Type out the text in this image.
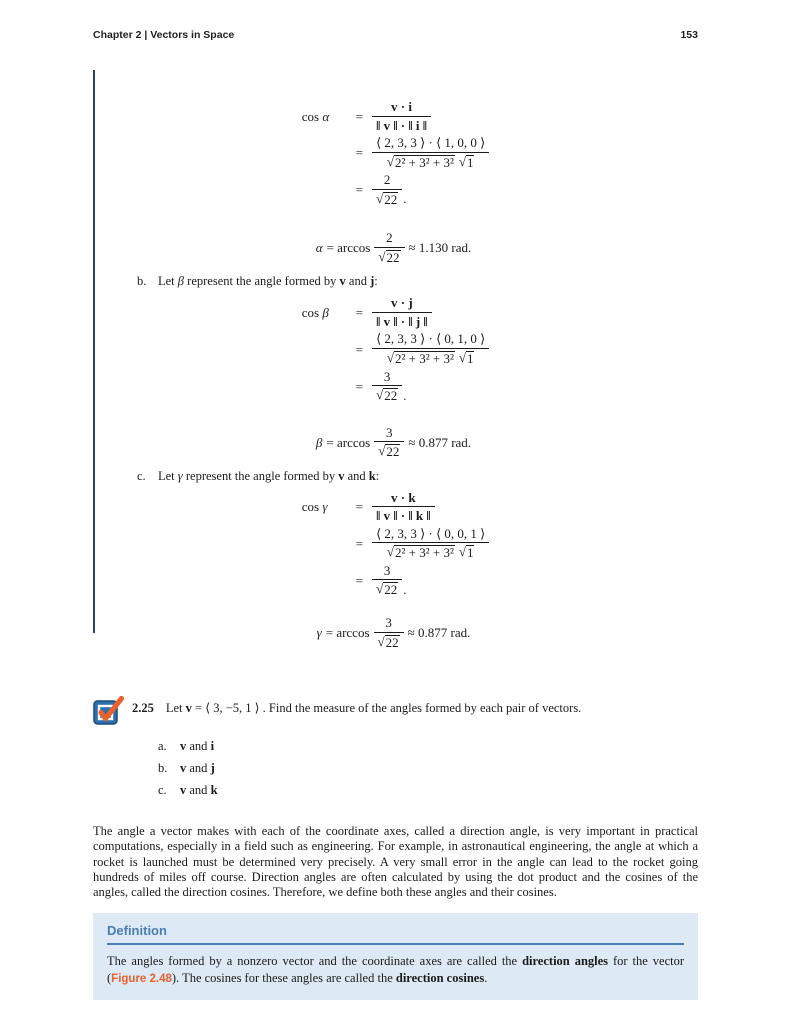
Chapter 2 | Vectors in Space	153
cos α	= $\frac{v \cdot i}{‖ v ‖ \cdot ‖ i ‖}$
= $\frac{⟨ 2, 3, 3 ⟩ \cdot ⟨ 1, 0, 0 ⟩}{\text{√ 2² + 3² + 3² √ 1}}$
= $\frac{2}{√ 22}$ .
$\alpha = \arccos \frac{2}{√ 22} \approx 1.130$ rad.
b. Let β represent the angle formed by v and j:
cos β	= $\frac{v \cdot j}{‖ v ‖ \cdot ‖ j ‖}$
= $\frac{⟨ 2, 3, 3 ⟩ \cdot ⟨ 0, 1, 0 ⟩}{\text{√ 2² + 3² + 3² √ 1}}$
= $\frac{3}{√ 22}$ .
$\beta = \arccos \frac{3}{√ 22} \approx 0.877$ rad.
c. Let γ represent the angle formed by v and k:
cos γ	= $\frac{v \cdot k}{‖ v ‖ \cdot ‖ k ‖}$
= $\frac{⟨ 2, 3, 3 ⟩ \cdot ⟨ 0, 0, 1 ⟩}{\text{√ 2² + 3² + 3² √ 1}}$
= $\frac{3}{√ 22}$ .
$\gamma = \arccos \frac{3}{√ 22} \approx 0.877$ rad.

2.25 Let v = ⟨ 3, −5, 1 ⟩ . Find the measure of the angles formed by each pair of vectors.

a. v and i
b. v and j
c. v and k

The angle a vector makes with each of the coordinate axes, called a direction angle, is very important in practical computations, especially in a field such as engineering. For example, in astronautical engineering, the angle at which a rocket is launched must be determined very precisely. A very small error in the angle can lead to the rocket going hundreds of miles off course. Direction angles are often calculated by using the dot product and the cosines of the angles, called the direction cosines. Therefore, we define both these angles and their cosines.

Definition
The angles formed by a nonzero vector and the coordinate axes are called the direction angles for the vector (Figure 2.48). The cosines for these angles are called the direction cosines.
